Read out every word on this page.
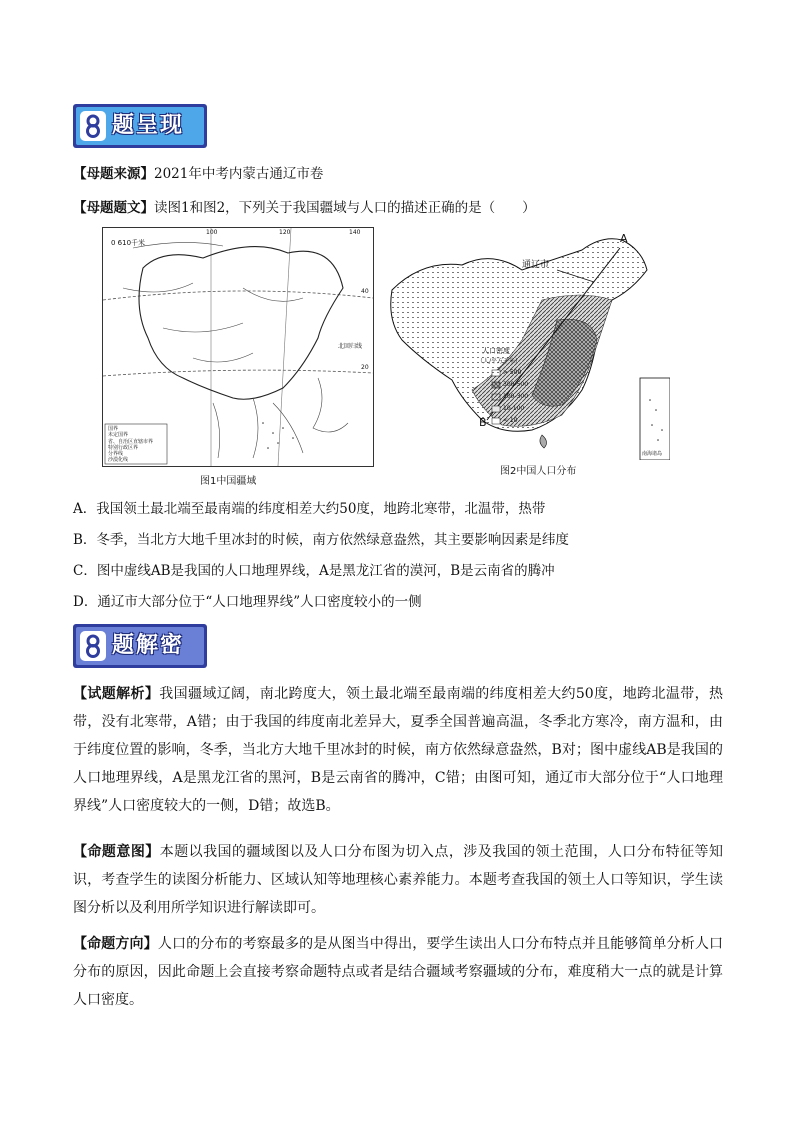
题呈现
【母题来源】2021年中考内蒙古通辽市卷
【母题题文】读图1和图2，下列关于我国疆域与人口的描述正确的是（　　）
0 610千米
100	120	140
40
20
北回归线
国界
未定国界
省、自治区直辖市界
特别行政区界
分界线
沙漠化线
图1中国疆域
通辽市
A
B
人口密度
（人/平方千米）
> 500
300-500
100-300
10-100
< 10
南海诸岛
图2中国人口分布
A．我国领土最北端至最南端的纬度相差大约50度，地跨北寒带，北温带，热带
B．冬季，当北方大地千里冰封的时候，南方依然绿意盎然，其主要影响因素是纬度
C．图中虚线AB是我国的人口地理界线，A是黑龙江省的漠河，B是云南省的腾冲
D．通辽市大部分位于“人口地理界线”人口密度较小的一侧
题解密
【试题解析】我国疆域辽阔，南北跨度大，领土最北端至最南端的纬度相差大约50度，地跨北温带，热带，没有北寒带，A错；由于我国的纬度南北差异大，夏季全国普遍高温，冬季北方寒冷，南方温和，由于纬度位置的影响，冬季，当北方大地千里冰封的时候，南方依然绿意盎然，B对；图中虚线AB是我国的人口地理界线，A是黑龙江省的黑河，B是云南省的腾冲，C错；由图可知，通辽市大部分位于“人口地理界线”人口密度较大的一侧，D错；故选B。
【命题意图】本题以我国的疆域图以及人口分布图为切入点，涉及我国的领土范围，人口分布特征等知识，考查学生的读图分析能力、区域认知等地理核心素养能力。本题考查我国的领土人口等知识，学生读图分析以及利用所学知识进行解读即可。
【命题方向】人口的分布的考察最多的是从图当中得出，要学生读出人口分布特点并且能够简单分析人口分布的原因，因此命题上会直接考察命题特点或者是结合疆域考察疆域的分布，难度稍大一点的就是计算人口密度。
